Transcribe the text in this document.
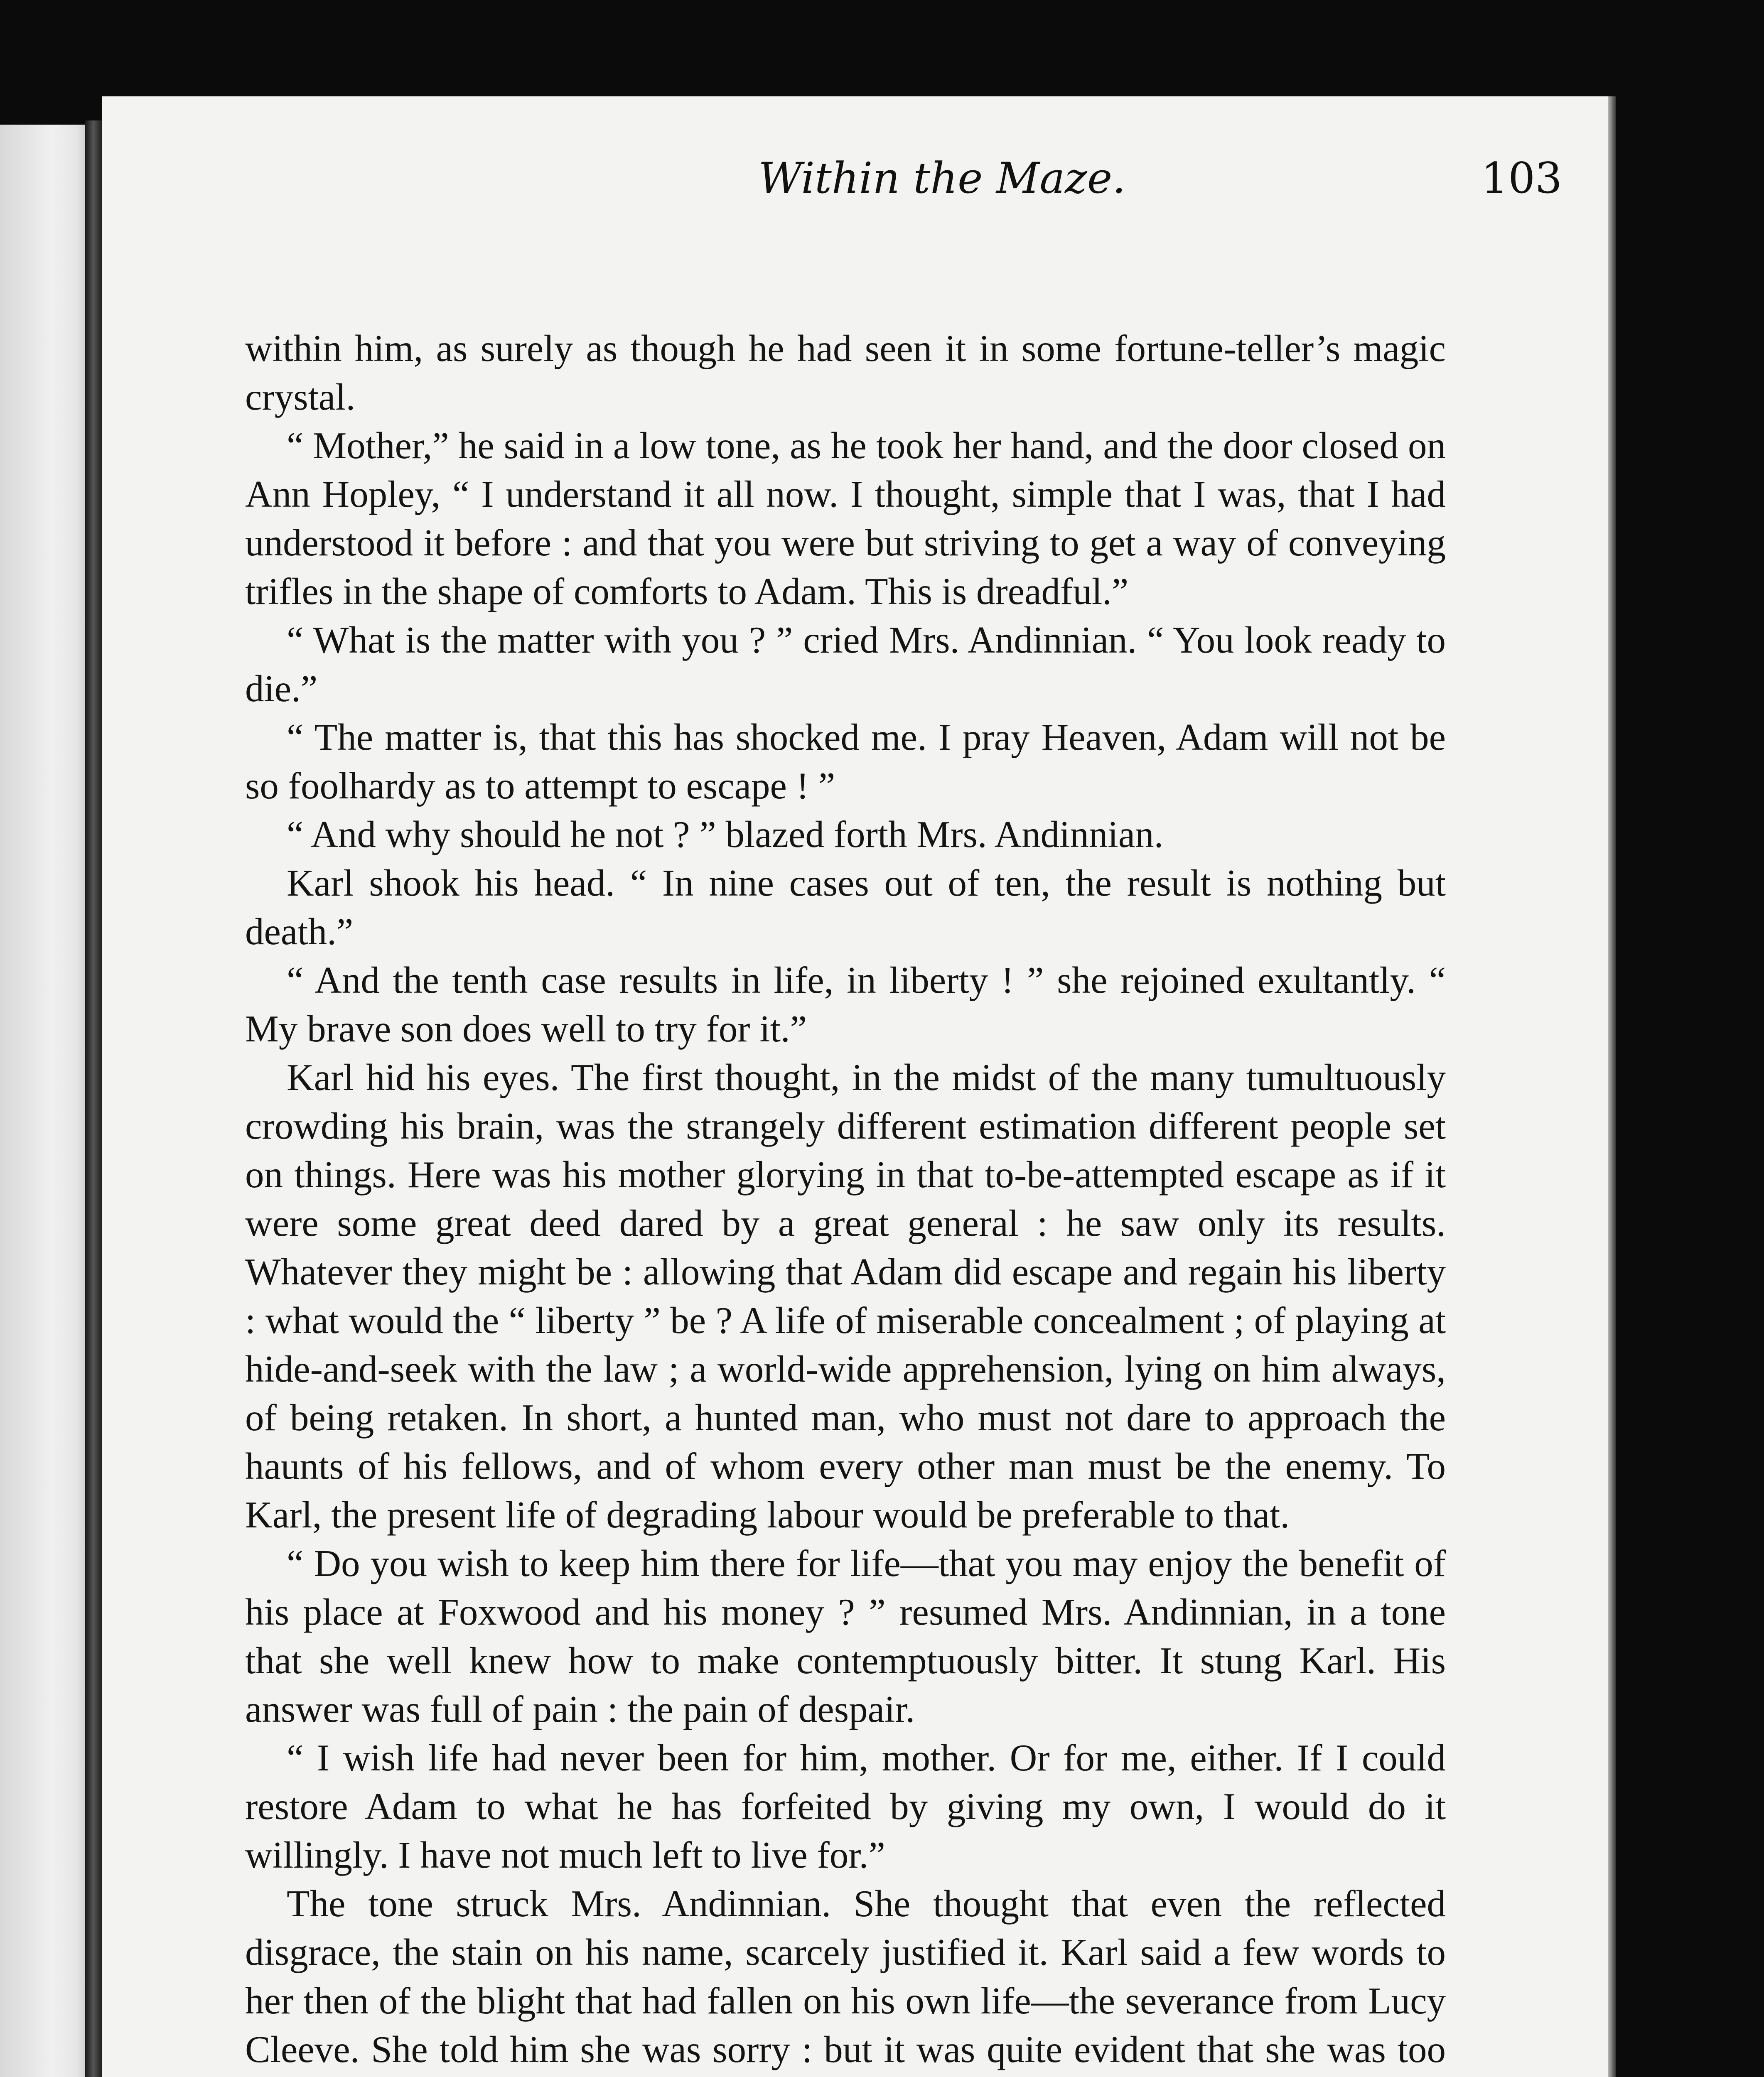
Within the Maze.	103

within him, as surely as though he had seen it in some fortune-teller’s magic crystal.

“ Mother,” he said in a low tone, as he took her hand, and the door closed on Ann Hopley, “ I understand it all now. I thought, simple that I was, that I had understood it before : and that you were but striving to get a way of conveying trifles in the shape of comforts to Adam. This is dreadful.”

“ What is the matter with you ? ” cried Mrs. Andinnian. “ You look ready to die.”

“ The matter is, that this has shocked me. I pray Heaven, Adam will not be so foolhardy as to attempt to escape ! ”

“ And why should he not ? ” blazed forth Mrs. Andinnian.

Karl shook his head. “ In nine cases out of ten, the result is nothing but death.”

“ And the tenth case results in life, in liberty ! ” she rejoined exultantly. “ My brave son does well to try for it.”

Karl hid his eyes. The first thought, in the midst of the many tumultuously crowding his brain, was the strangely different estimation different people set on things. Here was his mother glorying in that to-be-attempted escape as if it were some great deed dared by a great general : he saw only its results. Whatever they might be : allowing that Adam did escape and regain his liberty : what would the “ liberty ” be ? A life of miserable concealment ; of playing at hide-and-seek with the law ; a world-wide apprehension, lying on him always, of being retaken. In short, a hunted man, who must not dare to approach the haunts of his fellows, and of whom every other man must be the enemy. To Karl, the present life of degrading labour would be preferable to that.

“ Do you wish to keep him there for life—that you may enjoy the benefit of his place at Foxwood and his money ? ” resumed Mrs. Andinnian, in a tone that she well knew how to make contemptuously bitter. It stung Karl. His answer was full of pain : the pain of despair.

“ I wish life had never been for him, mother. Or for me, either. If I could restore Adam to what he has forfeited by giving my own, I would do it willingly. I have not much left to live for.”

The tone struck Mrs. Andinnian. She thought that even the reflected disgrace, the stain on his name, scarcely justified it. Karl said a few words to her then of the blight that had fallen on his own life—the severance from Lucy Cleeve. She told him she was sorry : but it was quite evident that she was too
